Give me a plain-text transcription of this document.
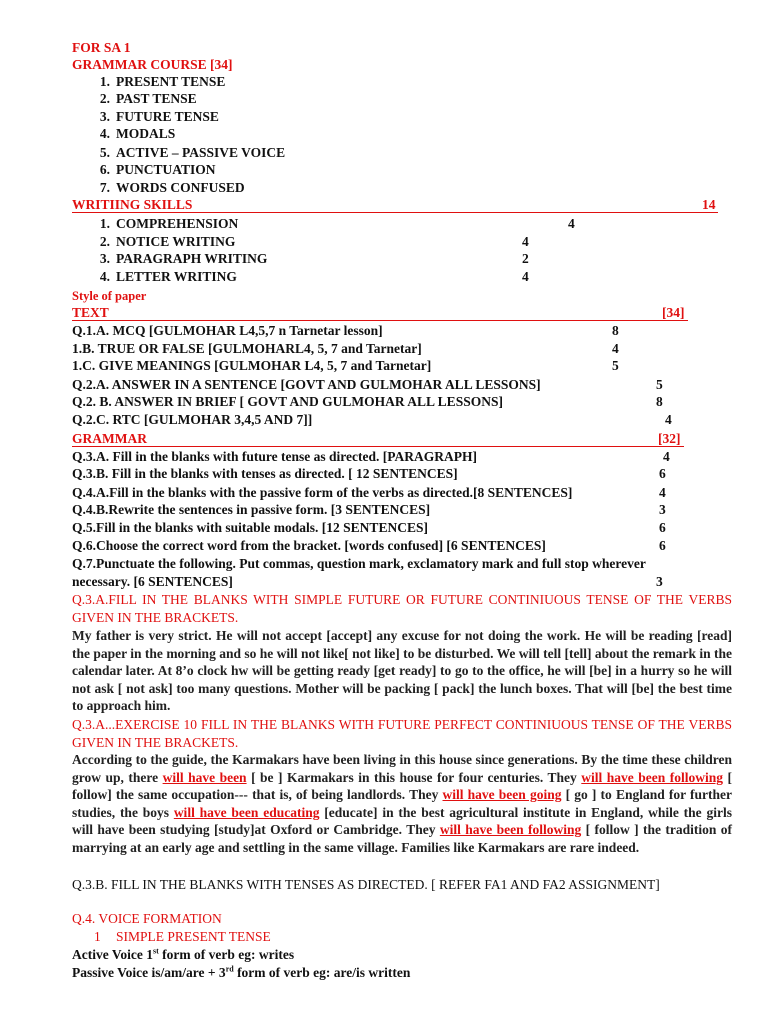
FOR SA 1
GRAMMAR COURSE [34]
1. PRESENT TENSE
2. PAST TENSE
3. FUTURE TENSE
4. MODALS
5. ACTIVE – PASSIVE VOICE
6. PUNCTUATION
7. WORDS CONFUSED
WRITIING SKILLS	14
1. COMPREHENSION	4
2. NOTICE WRITING	4
3. PARAGRAPH WRITING	2
4. LETTER WRITING	4
Style of paper
TEXT	[34]
Q.1.A. MCQ [GULMOHAR L4,5,7 n Tarnetar lesson]	8
1.B. TRUE OR FALSE [GULMOHARL4, 5, 7 and Tarnetar]	4
1.C. GIVE MEANINGS [GULMOHAR L4, 5, 7 and Tarnetar]	5
Q.2.A. ANSWER IN A SENTENCE [GOVT AND GULMOHAR ALL LESSONS]	5
Q.2. B. ANSWER IN BRIEF [ GOVT AND GULMOHAR ALL LESSONS]	8
Q.2.C. RTC [GULMOHAR 3,4,5 AND 7]]	4
GRAMMAR	[32]
Q.3.A. Fill in the blanks with future tense as directed. [PARAGRAPH]	4
Q.3.B. Fill in the blanks with tenses as directed. [ 12 SENTENCES]	6
Q.4.A.Fill in the blanks with the passive form of the verbs as directed.[8 SENTENCES]	4
Q.4.B.Rewrite the sentences in passive form. [3 SENTENCES]	3
Q.5.Fill in the blanks with suitable modals. [12 SENTENCES]	6
Q.6.Choose the correct word from the bracket. [words confused] [6 SENTENCES]	6
Q.7.Punctuate the following. Put commas, question mark, exclamatory mark and full stop wherever
necessary. [6 SENTENCES]	3
Q.3.A.FILL IN THE BLANKS WITH SIMPLE FUTURE OR FUTURE CONTINIUOUS TENSE OF THE VERBS GIVEN IN THE BRACKETS.
My father is very strict. He will not accept [accept] any excuse for not doing the work. He will be reading [read] the paper in the morning and so he will not like[ not like] to be disturbed. We will tell [tell] about the remark in the calendar later. At 8’o clock hw will be getting ready [get ready] to go to the office, he will [be] in a hurry so he will not ask [ not ask] too many questions. Mother will be packing [ pack] the lunch boxes. That will [be] the best time to approach him.
Q.3.A...EXERCISE 10 FILL IN THE BLANKS WITH FUTURE PERFECT CONTINIUOUS TENSE OF THE VERBS GIVEN IN THE BRACKETS.
According to the guide, the Karmakars have been living in this house since generations. By the time these children grow up, there will have been [ be ] Karmakars in this house for four centuries. They will have been following [ follow] the same occupation--- that is, of being landlords. They will have been going [ go ] to England for further studies, the boys will have been educating [educate] in the best agricultural institute in England, while the girls will have been studying [study]at Oxford or Cambridge. They will have been following [ follow ] the tradition of marrying at an early age and settling in the same village. Families like Karmakars are rare indeed.
Q.3.B. FILL IN THE BLANKS WITH TENSES AS DIRECTED. [ REFER FA1 AND FA2 ASSIGNMENT]
Q.4. VOICE FORMATION
1 SIMPLE PRESENT TENSE
Active Voice 1st form of verb eg: writes
Passive Voice is/am/are + 3rd form of verb eg: are/is written
